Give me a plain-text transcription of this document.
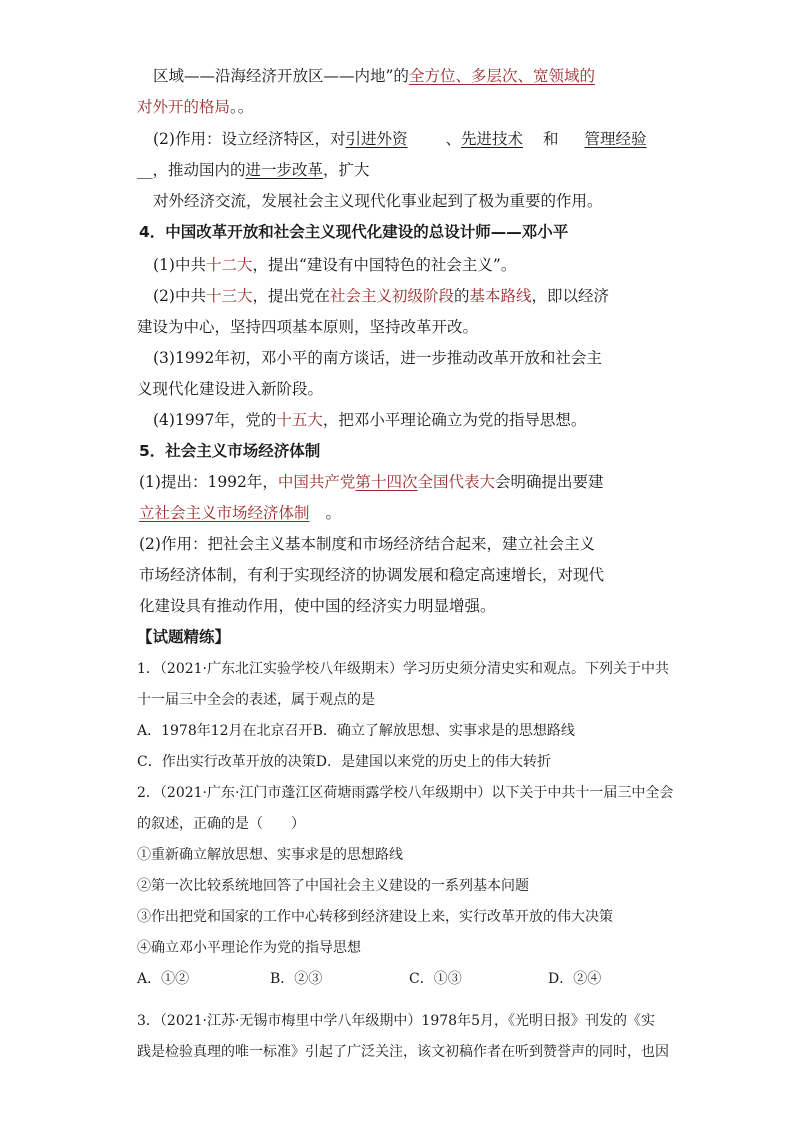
区域——沿海经济开放区——内地”的全方位、多层次、宽领域的
对外开的格局。。
(2)作用：设立经济特区，对引进外资 、先进技术 和 管理经验
__，推动国内的进一步改革，扩大
对外经济交流，发展社会主义现代化事业起到了极为重要的作用。
4．中国改革开放和社会主义现代化建设的总设计师——邓小平
(1)中共十二大，提出“建设有中国特色的社会主义”。
(2)中共十三大，提出党在社会主义初级阶段的基本路线，即以经济
建设为中心，坚持四项基本原则，坚持改革开改。
(3)1992年初，邓小平的南方谈话，进一步推动改革开放和社会主
义现代化建设进入新阶段。
(4)1997年，党的十五大，把邓小平理论确立为党的指导思想。
5．社会主义市场经济体制
(1)提出：1992年，中国共产党第十四次全国代表大会明确提出要建
立社会主义市场经济体制 。
(2)作用：把社会主义基本制度和市场经济结合起来，建立社会主义
市场经济体制，有利于实现经济的协调发展和稳定高速增长，对现代
化建设具有推动作用，使中国的经济实力明显增强。
【试题精练】
1．（2021·广东北江实验学校八年级期末）学习历史须分清史实和观点。下列关于中共
十一届三中全会的表述，属于观点的是
A．1978年12月在北京召开B．确立了解放思想、实事求是的思想路线
C．作出实行改革开放的决策D．是建国以来党的历史上的伟大转折
2．（2021·广东·江门市蓬江区荷塘雨露学校八年级期中）以下关于中共十一届三中全会
的叙述，正确的是（　　）
①重新确立解放思想、实事求是的思想路线
②第一次比较系统地回答了中国社会主义建设的一系列基本问题
③作出把党和国家的工作中心转移到经济建设上来，实行改革开放的伟大决策
④确立邓小平理论作为党的指导思想
A．①②	B．②③	C．①③	D．②④
3．（2021·江苏·无锡市梅里中学八年级期中）1978年5月，《光明日报》刊发的《实
践是检验真理的唯一标准》引起了广泛关注，该文初稿作者在听到赞誉声的同时，也因
